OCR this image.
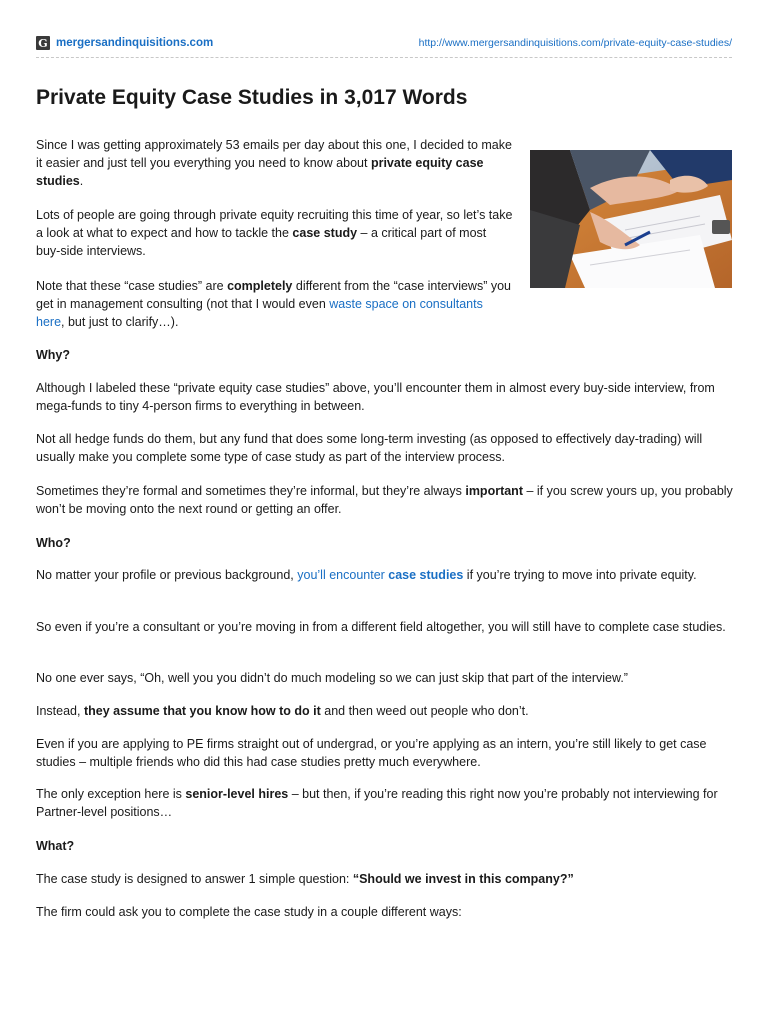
G mergersandinquisitions.com	http://www.mergersandinquisitions.com/private-equity-case-studies/
Private Equity Case Studies in 3,017 Words

Since I was getting approximately 53 emails per day about this one, I decided to make it easier and just tell you everything you need to know about private equity case studies.

Lots of people are going through private equity recruiting this time of year, so let’s take a look at what to expect and how to tackle the case study – a critical part of most buy-side interviews.

Note that these “case studies” are completely different from the “case interviews” you get in management consulting (not that I would even waste space on consultants here, but just to clarify…).

Why?

Although I labeled these “private equity case studies” above, you’ll encounter them in almost every buy-side interview, from mega-funds to tiny 4-person firms to everything in between.

Not all hedge funds do them, but any fund that does some long-term investing (as opposed to effectively day-trading) will usually make you complete some type of case study as part of the interview process.

Sometimes they’re formal and sometimes they’re informal, but they’re always important – if you screw yours up, you probably won’t be moving onto the next round or getting an offer.

Who?

No matter your profile or previous background, you’ll encounter case studies if you’re trying to move into private equity.

So even if you’re a consultant or you’re moving in from a different field altogether, you will still have to complete case studies.

No one ever says, “Oh, well you you didn’t do much modeling so we can just skip that part of the interview.”

Instead, they assume that you know how to do it and then weed out people who don’t.

Even if you are applying to PE firms straight out of undergrad, or you’re applying as an intern, you’re still likely to get case studies – multiple friends who did this had case studies pretty much everywhere.

The only exception here is senior-level hires – but then, if you’re reading this right now you’re probably not interviewing for Partner-level positions…

What?

The case study is designed to answer 1 simple question: “Should we invest in this company?”

The firm could ask you to complete the case study in a couple different ways:
